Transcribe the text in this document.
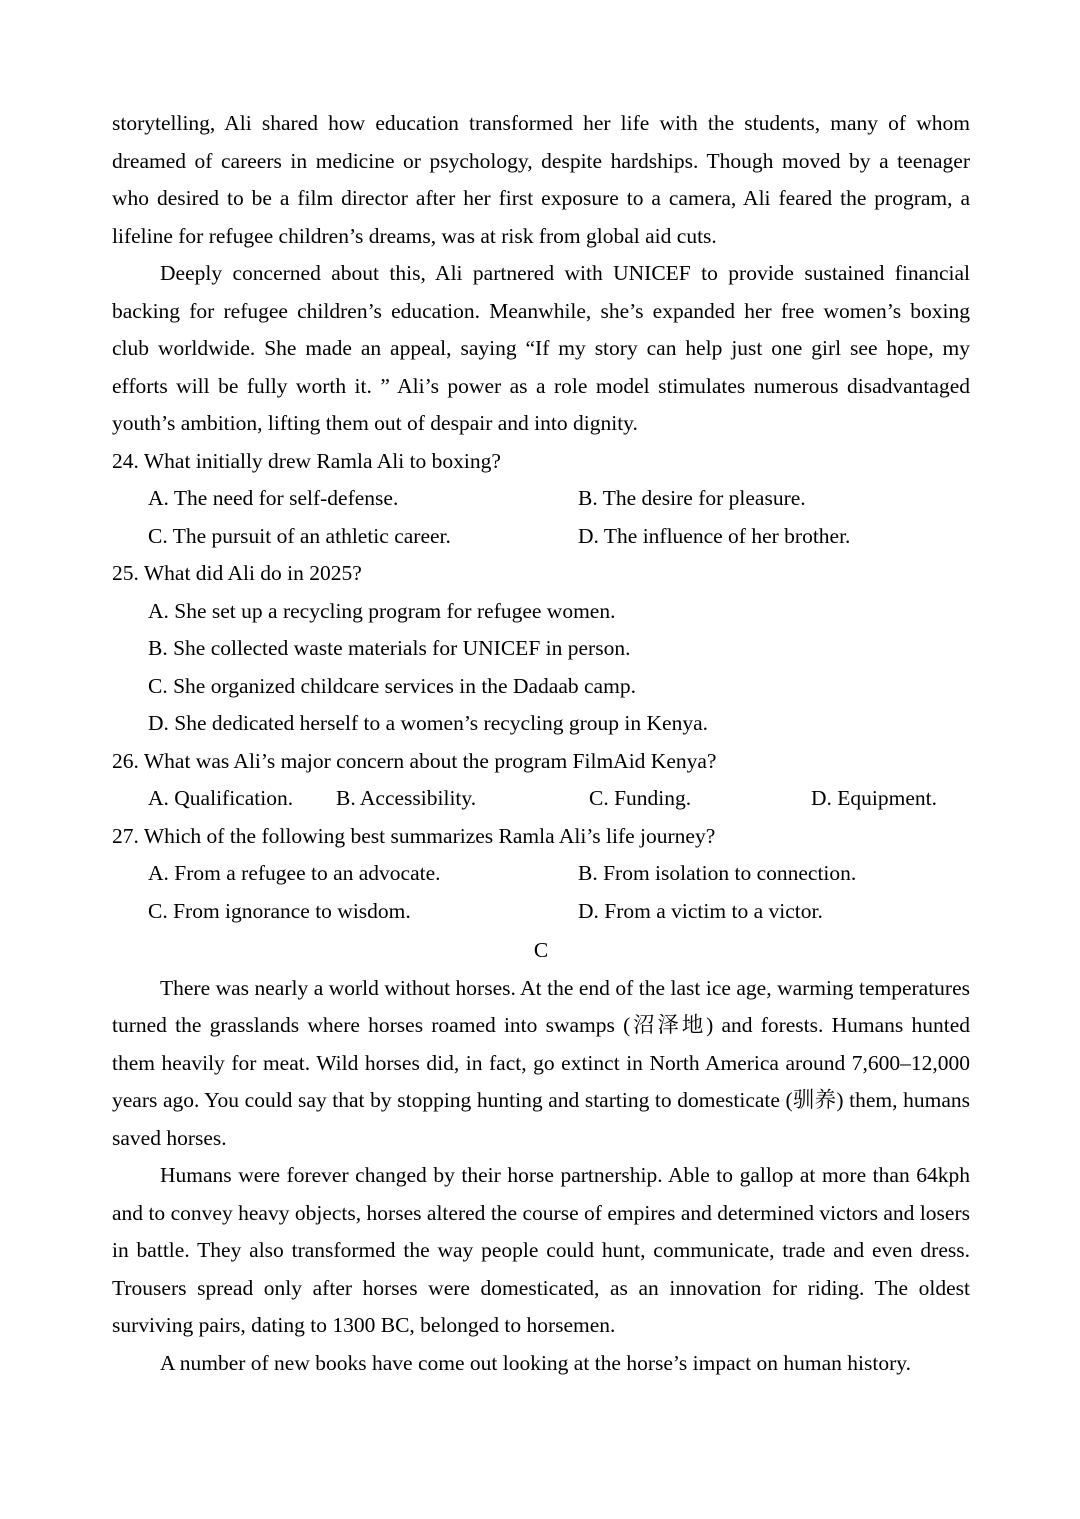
storytelling, Ali shared how education transformed her life with the students, many of whom dreamed of careers in medicine or psychology, despite hardships. Though moved by a teenager who desired to be a film director after her first exposure to a camera, Ali feared the program, a lifeline for refugee children’s dreams, was at risk from global aid cuts.

Deeply concerned about this, Ali partnered with UNICEF to provide sustained financial backing for refugee children’s education. Meanwhile, she’s expanded her free women’s boxing club worldwide. She made an appeal, saying “If my story can help just one girl see hope, my efforts will be fully worth it. ” Ali’s power as a role model stimulates numerous disadvantaged youth’s ambition, lifting them out of despair and into dignity.

24. What initially drew Ramla Ali to boxing?

A. The need for self-defense.	B. The desire for pleasure.
C. The pursuit of an athletic career.	D. The influence of her brother.

25. What did Ali do in 2025?

A. She set up a recycling program for refugee women.
B. She collected waste materials for UNICEF in person.
C. She organized childcare services in the Dadaab camp.
D. She dedicated herself to a women’s recycling group in Kenya.

26. What was Ali’s major concern about the program FilmAid Kenya?

A. Qualification.	B. Accessibility.	C. Funding.	D. Equipment.

27. Which of the following best summarizes Ramla Ali’s life journey?

A. From a refugee to an advocate.	B. From isolation to connection.
C. From ignorance to wisdom.	D. From a victim to a victor.

C

There was nearly a world without horses. At the end of the last ice age, warming temperatures turned the grasslands where horses roamed into swamps (沼泽地) and forests. Humans hunted them heavily for meat. Wild horses did, in fact, go extinct in North America around 7,600–12,000 years ago. You could say that by stopping hunting and starting to domesticate (驯养) them, humans saved horses.

Humans were forever changed by their horse partnership. Able to gallop at more than 64kph and to convey heavy objects, horses altered the course of empires and determined victors and losers in battle. They also transformed the way people could hunt, communicate, trade and even dress. Trousers spread only after horses were domesticated, as an innovation for riding. The oldest surviving pairs, dating to 1300 BC, belonged to horsemen.

A number of new books have come out looking at the horse’s impact on human history.
